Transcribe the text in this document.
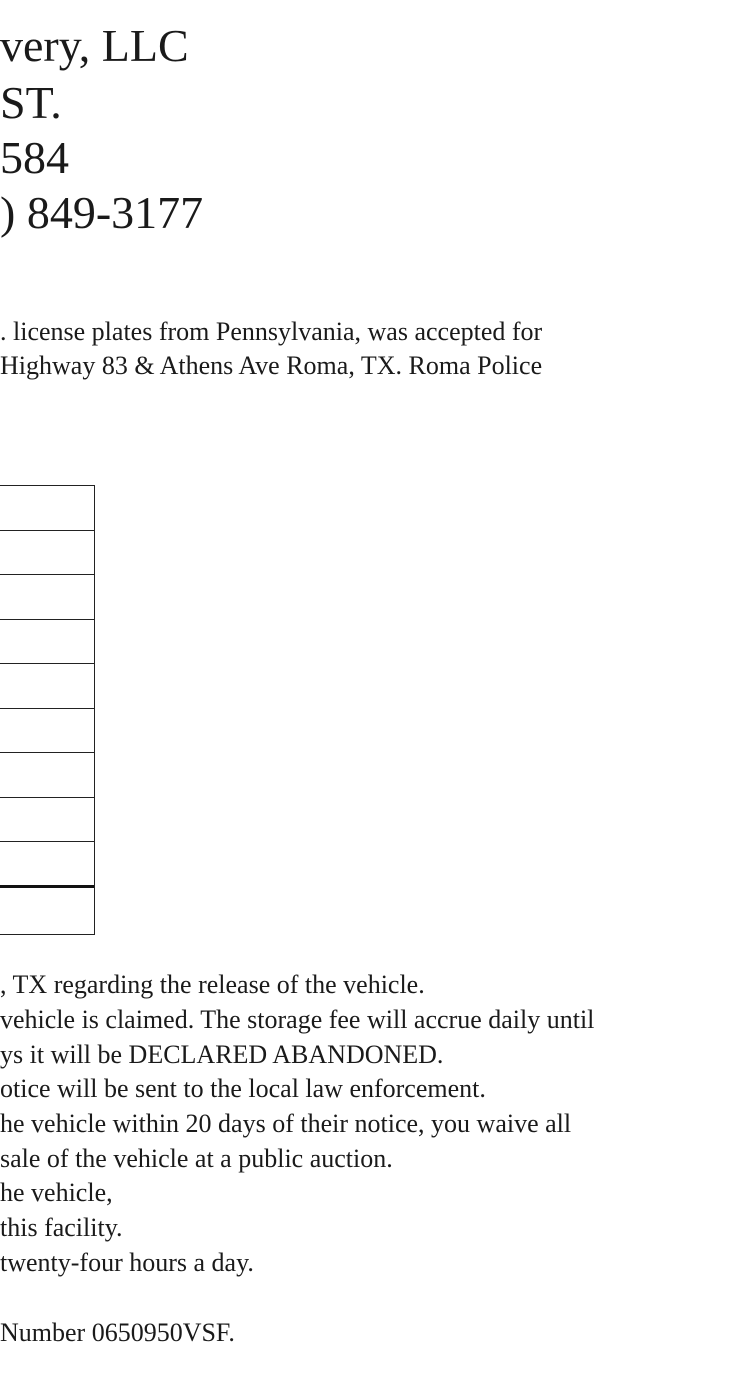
very, LLC
ST.
584
) 849-3177
. license plates from Pennsylvania, was accepted for
Highway 83 & Athens Ave Roma, TX. Roma Police
, TX regarding the release of the vehicle.
vehicle is claimed. The storage fee will accrue daily until
ys it will be DECLARED ABANDONED.
otice will be sent to the local law enforcement.
he vehicle within 20 days of their notice, you waive all
sale of the vehicle at a public auction.
he vehicle,
this facility.
twenty-four hours a day.
Number 0650950VSF.
